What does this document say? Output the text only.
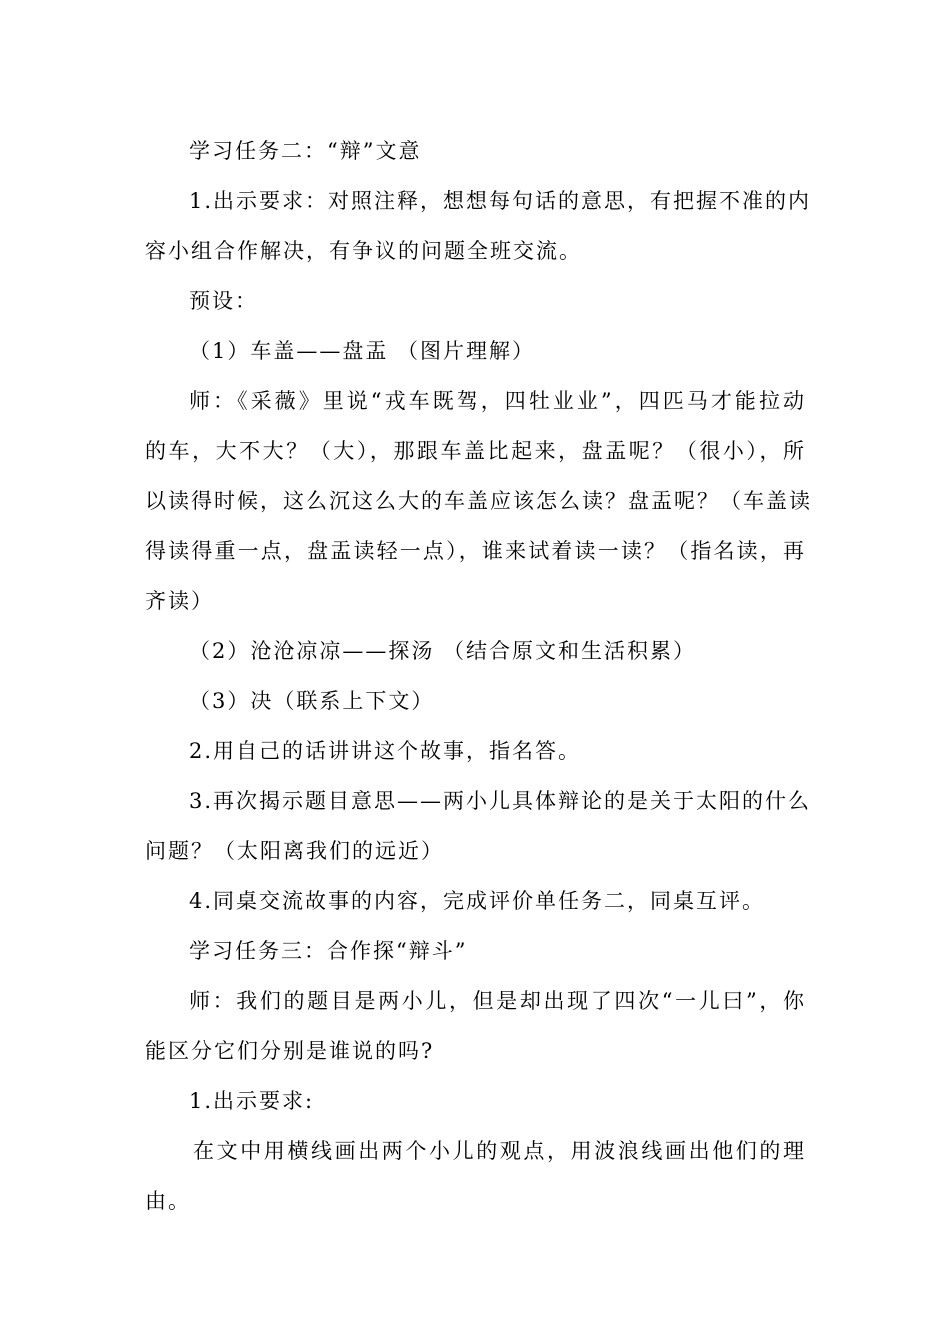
学习任务二：“辩”文意
1.出示要求：对照注释，想想每句话的意思，有把握不准的内
容小组合作解决，有争议的问题全班交流。
预设：
（1）车盖——盘盂 （图片理解）
师：《采薇》里说“戎车既驾，四牡业业”，四匹马才能拉动
的车，大不大？（大），那跟车盖比起来，盘盂呢？（很小），所
以读得时候，这么沉这么大的车盖应该怎么读？盘盂呢？（车盖读
得读得重一点，盘盂读轻一点），谁来试着读一读？（指名读，再
齐读）
（2）沧沧凉凉——探汤 （结合原文和生活积累）
（3）决（联系上下文）
2.用自己的话讲讲这个故事，指名答。
3.再次揭示题目意思——两小儿具体辩论的是关于太阳的什么
问题？（太阳离我们的远近）
4.同桌交流故事的内容，完成评价单任务二，同桌互评。
学习任务三：合作探“辩斗”
师：我们的题目是两小儿，但是却出现了四次“一儿曰”，你
能区分它们分别是谁说的吗?
1.出示要求:
在文中用横线画出两个小儿的观点，用波浪线画出他们的理
由。
